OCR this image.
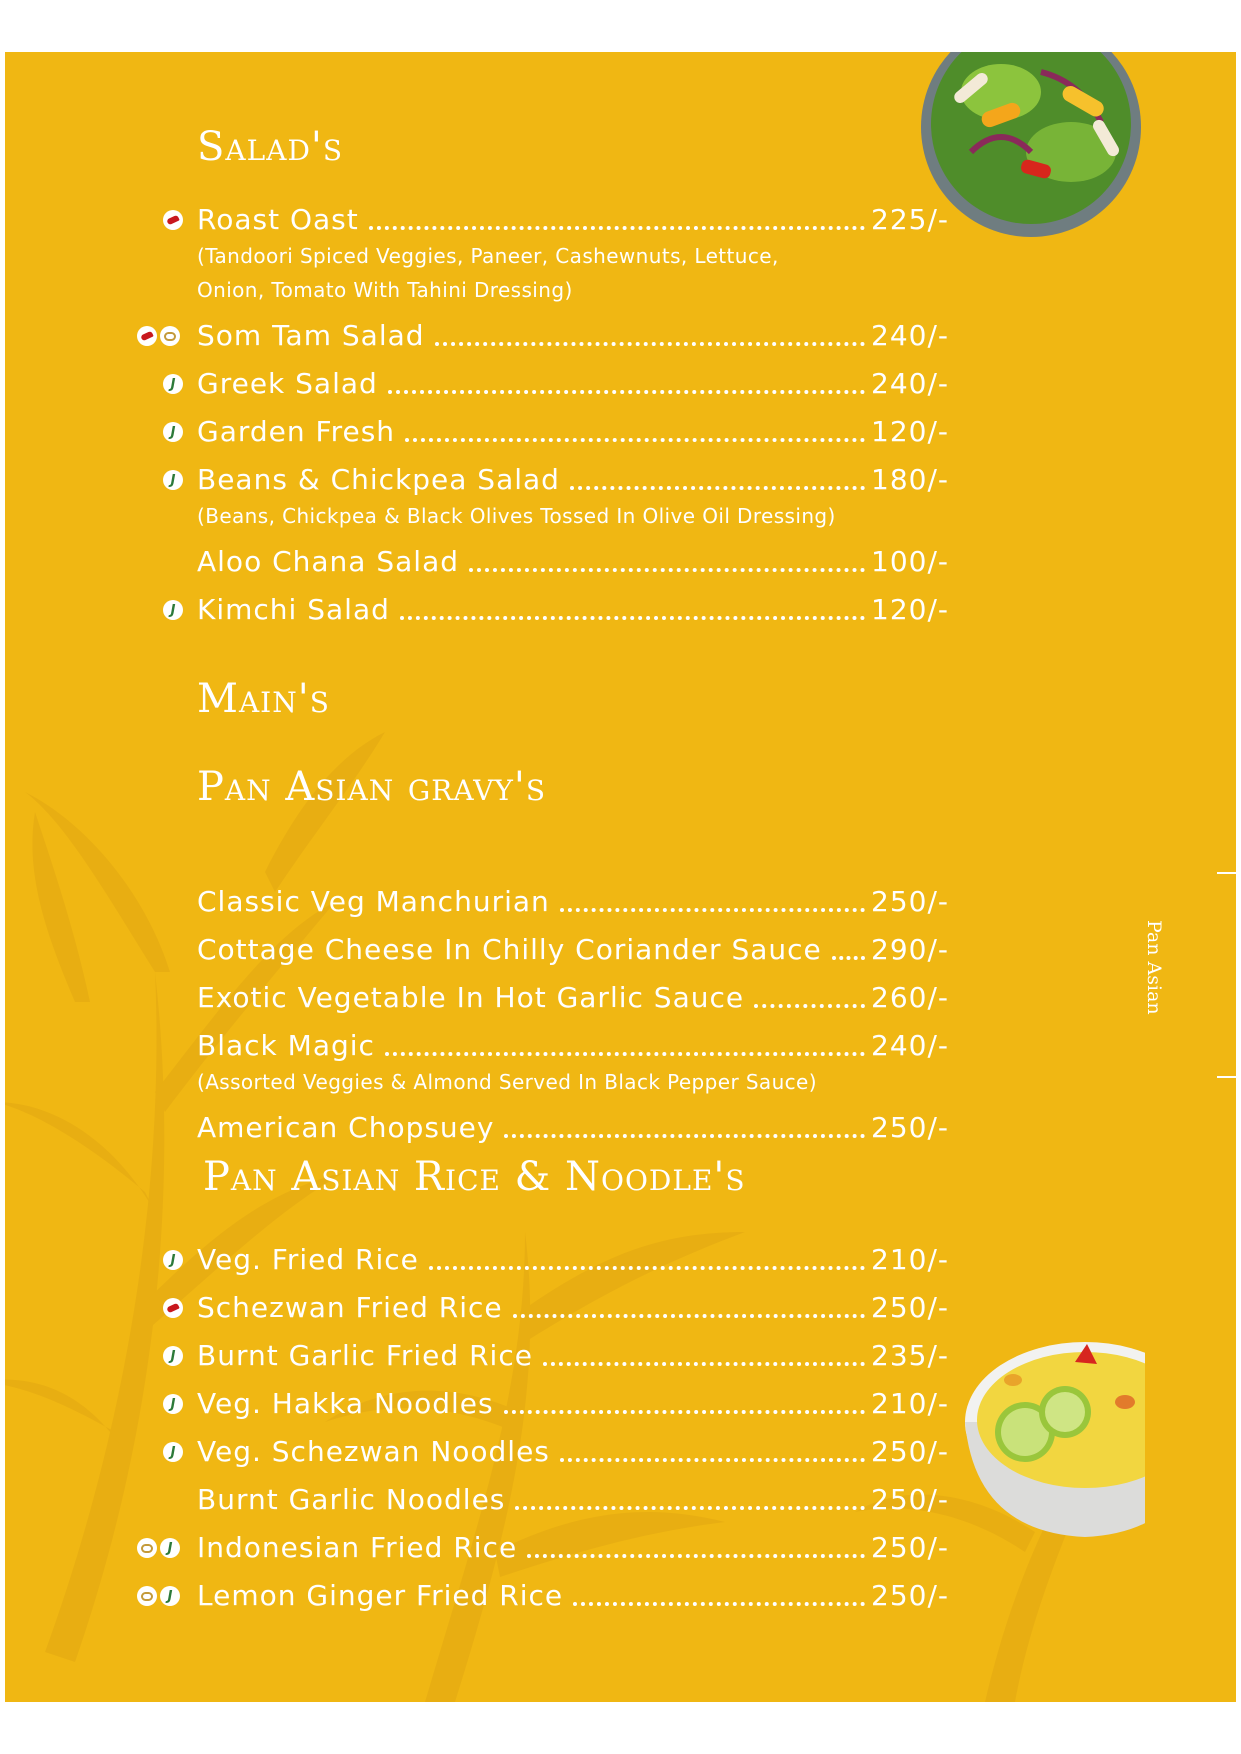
Pan Asian
Salad's
Roast Oast	225/-
(Tandoori Spiced Veggies, Paneer, Cashewnuts, Lettuce,
Onion, Tomato With Tahini Dressing)
Som Tam Salad	240/-
J Greek Salad	240/-
J Garden Fresh	120/-
J Beans & Chickpea Salad	180/-
(Beans, Chickpea & Black Olives Tossed In Olive Oil Dressing)
Aloo Chana Salad	100/-
J Kimchi Salad	120/-
Main's
Pan Asian gravy's
Classic Veg Manchurian	250/-
Cottage Cheese In Chilly Coriander Sauce 290/-
Exotic Vegetable In Hot Garlic Sauce	260/-
Black Magic	240/-
(Assorted Veggies & Almond Served In Black Pepper Sauce)
American Chopsuey	250/-
Pan Asian Rice & Noodle's
J Veg. Fried Rice	210/-
Schezwan Fried Rice	250/-
J Burnt Garlic Fried Rice	235/-
J Veg. Hakka Noodles	210/-
J Veg. Schezwan Noodles	250/-
Burnt Garlic Noodles	250/-
J Indonesian Fried Rice	250/-
J Lemon Ginger Fried Rice	250/-
